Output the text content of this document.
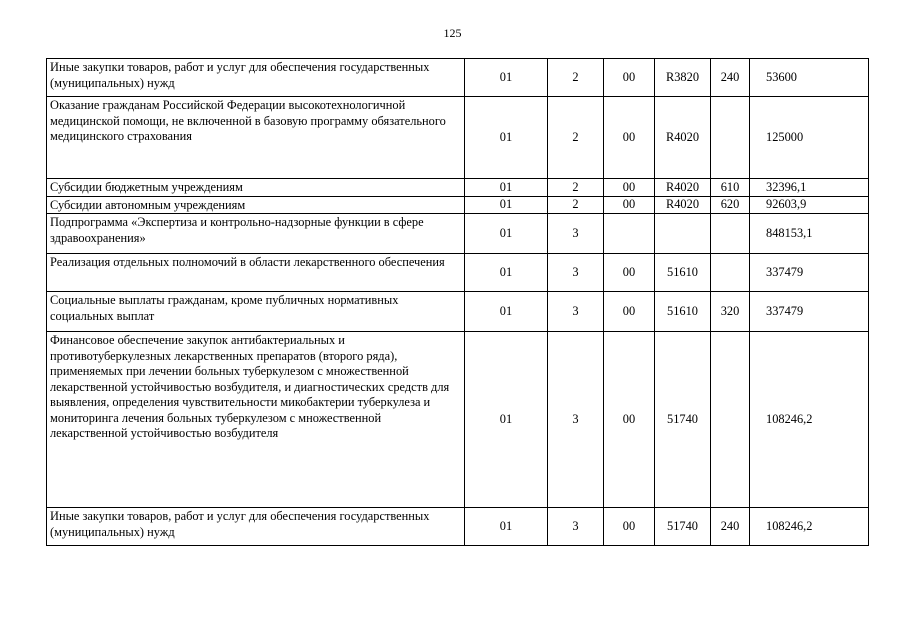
125
Иные закупки товаров, работ и услуг для обеспечения государственных (муниципальных) нужд	01	2	00	R3820	240	53600
Оказание гражданам Российской Федерации высокотехнологичной медицинской помощи, не включенной в базовую программу обязательного медицинского страхования	01	2	00	R4020		125000
Субсидии бюджетным учреждениям	01	2	00	R4020	610	32396,1
Субсидии автономным учреждениям	01	2	00	R4020	620	92603,9
Подпрограмма «Экспертиза и контрольно-надзорные функции в сфере здравоохранения»	01	3				848153,1
Реализация отдельных полномочий в области лекарственного обеспечения	01	3	00	51610		337479
Социальные выплаты гражданам, кроме публичных нормативных социальных выплат	01	3	00	51610	320	337479
Финансовое обеспечение закупок антибактериальных и противотуберкулезных лекарственных препаратов (второго ряда), применяемых при лечении больных туберкулезом с множественной лекарственной устойчивостью возбудителя, и диагностических средств для выявления, определения чувствительности микобактерии туберкулеза и мониторинга лечения больных туберкулезом с множественной лекарственной устойчивостью возбудителя	01	3	00	51740		108246,2
Иные закупки товаров, работ и услуг для обеспечения государственных (муниципальных) нужд	01	3	00	51740	240	108246,2
